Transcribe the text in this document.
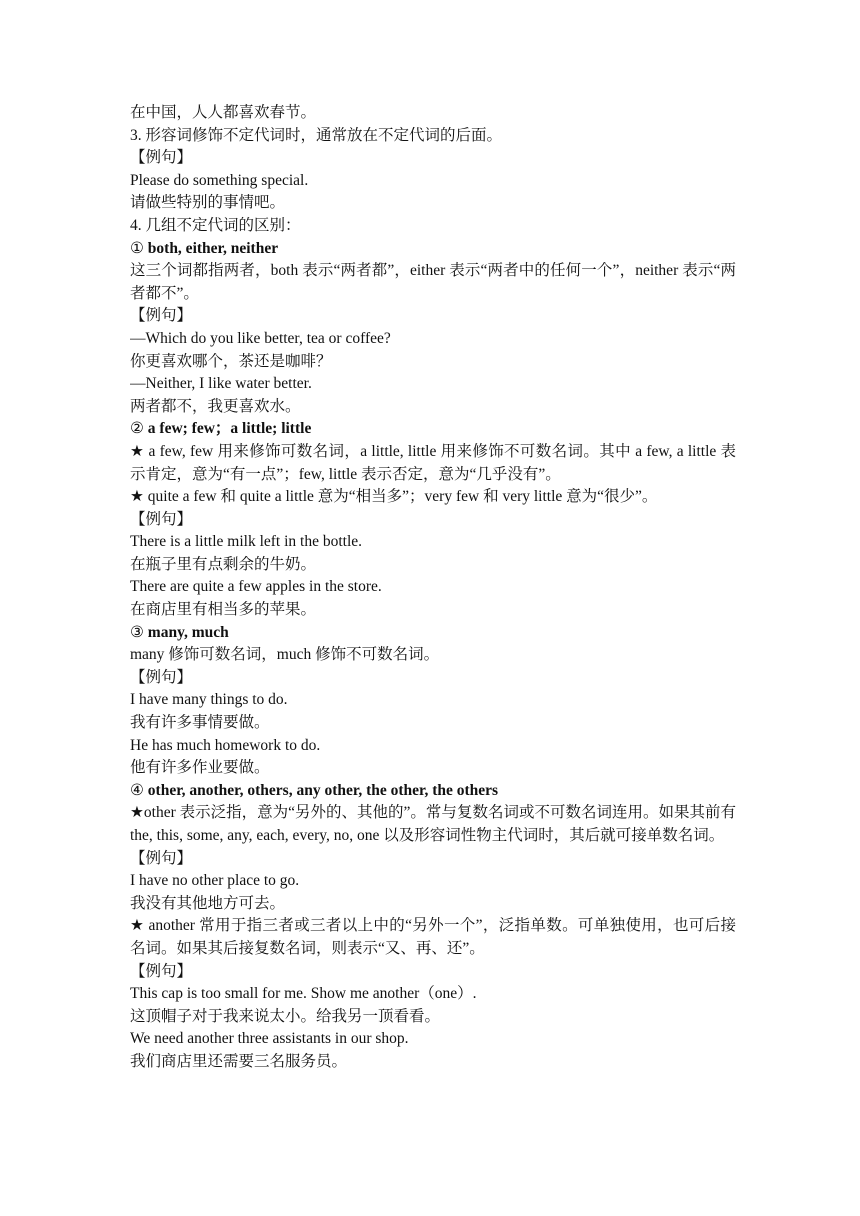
在中国，人人都喜欢春节。
3. 形容词修饰不定代词时，通常放在不定代词的后面。
【例句】
Please do something special.
请做些特别的事情吧。
4. 几组不定代词的区别：
① both, either, neither
这三个词都指两者，both 表示“两者都”，either 表示“两者中的任何一个”，neither 表示“两者都不”。
【例句】
—Which do you like better, tea or coffee?
你更喜欢哪个，茶还是咖啡？
—Neither, I like water better.
两者都不，我更喜欢水。
② a few; few；a little; little
★ a few, few 用来修饰可数名词，a little, little 用来修饰不可数名词。其中 a few, a little 表示肯定，意为“有一点”；few, little 表示否定，意为“几乎没有”。
★ quite a few 和 quite a little 意为“相当多”；very few 和 very little 意为“很少”。
【例句】
There is a little milk left in the bottle.
在瓶子里有点剩余的牛奶。
There are quite a few apples in the store.
在商店里有相当多的苹果。
③ many, much
many 修饰可数名词，much 修饰不可数名词。
【例句】
I have many things to do.
我有许多事情要做。
He has much homework to do.
他有许多作业要做。
④ other, another, others, any other, the other, the others
★other 表示泛指，意为“另外的、其他的”。常与复数名词或不可数名词连用。如果其前有 the, this, some, any, each, every, no, one 以及形容词性物主代词时，其后就可接单数名词。
【例句】
I have no other place to go.
我没有其他地方可去。
★ another 常用于指三者或三者以上中的“另外一个”，泛指单数。可单独使用，也可后接名词。如果其后接复数名词，则表示“又、再、还”。
【例句】
This cap is too small for me. Show me another（one）.
这顶帽子对于我来说太小。给我另一顶看看。
We need another three assistants in our shop.
我们商店里还需要三名服务员。
